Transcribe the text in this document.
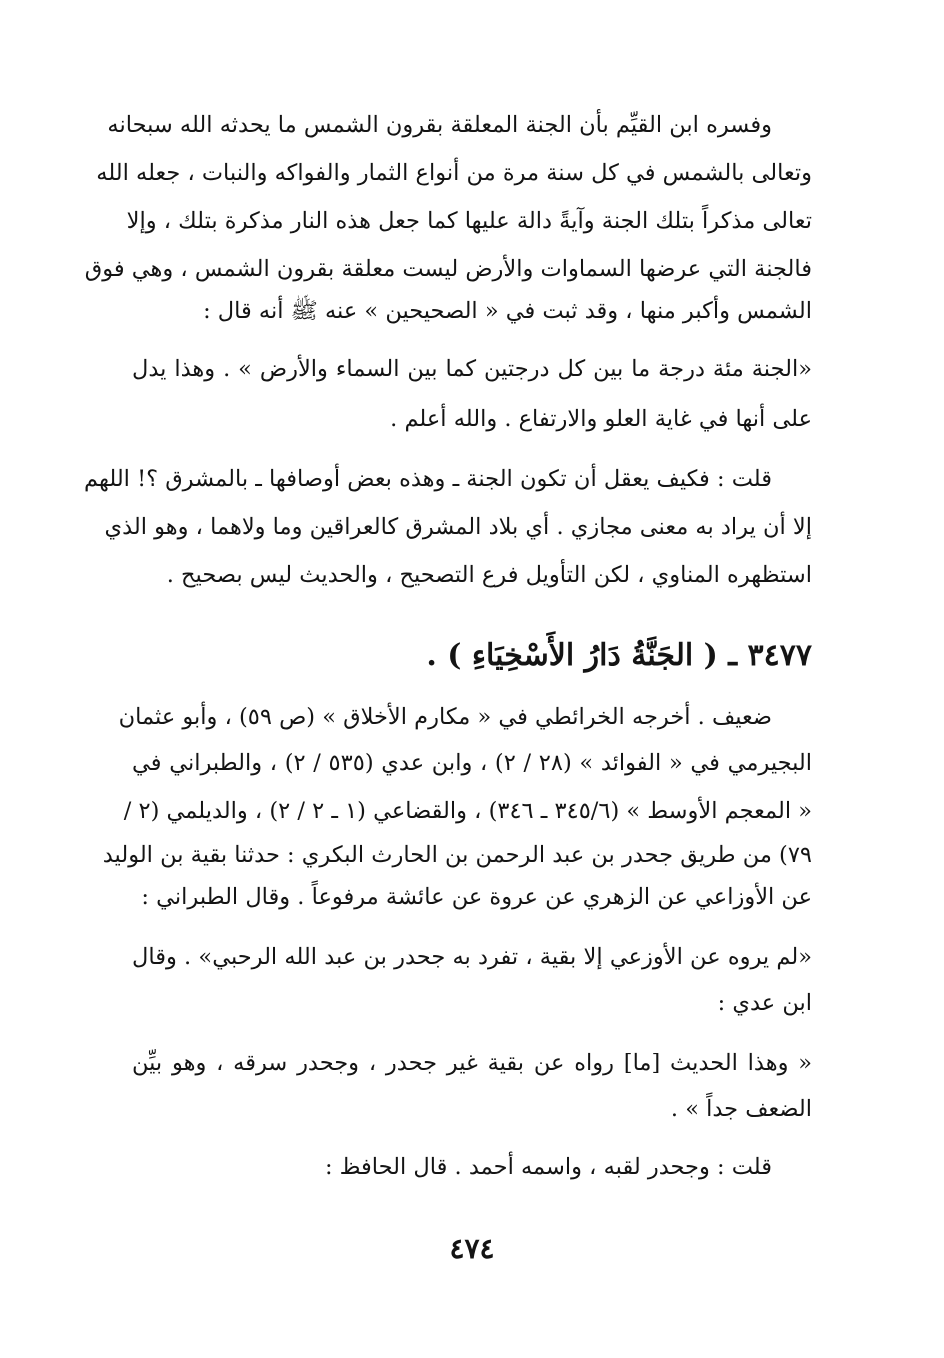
وفسره ابن القيِّم بأن الجنة المعلقة بقرون الشمس ما يحدثه الله سبحانه
وتعالى بالشمس في كل سنة مرة من أنواع الثمار والفواكه والنبات ، جعله الله
تعالى مذكراً بتلك الجنة وآيةً دالة عليها كما جعل هذه النار مذكرة بتلك ، وإلا
فالجنة التي عرضها السماوات والأرض ليست معلقة بقرون الشمس ، وهي فوق
الشمس وأكبر منها ، وقد ثبت في « الصحيحين » عنه ﷺ أنه قال :
«الجنة مئة درجة ما بين كل درجتين كما بين السماء والأرض » . وهذا يدل
على أنها في غاية العلو والارتفاع . والله أعلم .
قلت : فكيف يعقل أن تكون الجنة ـ وهذه بعض أوصافها ـ بالمشرق ؟! اللهم
إلا أن يراد به معنى مجازي . أي بلاد المشرق كالعراقين وما ولاهما ، وهو الذي
استظهره المناوي ، لكن التأويل فرع التصحيح ، والحديث ليس بصحيح .
٣٤٧٧ ـ ( الجَنَّةُ دَارُ الأَسْخِيَاءِ ) .
ضعيف . أخرجه الخرائطي في « مكارم الأخلاق » (ص ٥٩) ، وأبو عثمان
البجيرمي في « الفوائد » (٢٨ / ٢) ، وابن عدي (٥٣٥ / ٢) ، والطبراني في
« المعجم الأوسط » (٣٤٥/٦ ـ ٣٤٦) ، والقضاعي (١ ـ ٢ / ٢) ، والديلمي (٢ /
٧٩) من طريق جحدر بن عبد الرحمن بن الحارث البكري : حدثنا بقية بن الوليد
عن الأوزاعي عن الزهري عن عروة عن عائشة مرفوعاً . وقال الطبراني :
«لم يروه عن الأوزعي إلا بقية ، تفرد به جحدر بن عبد الله الرحبي» . وقال
ابن عدي :
« وهذا الحديث [ما] رواه عن بقية غير جحدر ، وجحدر سرقه ، وهو بيِّن
الضعف جداً » .
قلت : وجحدر لقبه ، واسمه أحمد . قال الحافظ :
٤٧٤
